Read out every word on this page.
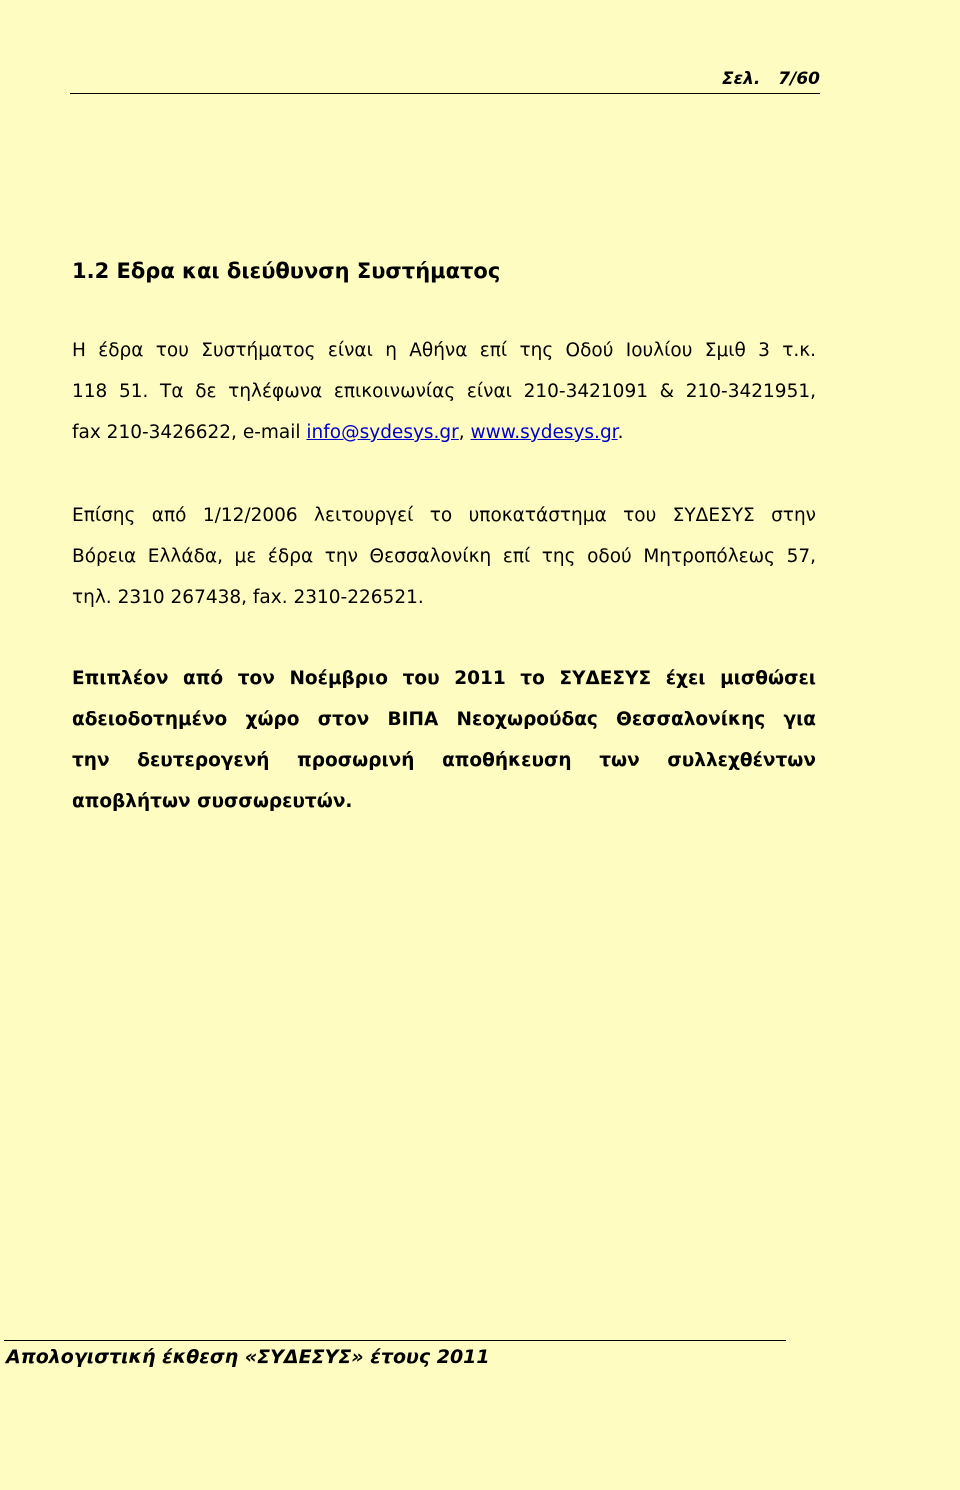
Σελ. 7/60
1.2 Εδρα και διεύθυνση Συστήματος
Η έδρα του Συστήματος είναι η Αθήνα επί της Οδού Ιουλίου Σμιθ 3 τ.κ.
118 51. Τα δε τηλέφωνα επικοινωνίας είναι 210-3421091 & 210-3421951,
fax 210-3426622, e-mail info@sydesys.gr, www.sydesys.gr.
Επίσης από 1/12/2006 λειτουργεί το υποκατάστημα του ΣΥΔΕΣΥΣ στην
Βόρεια Ελλάδα, με έδρα την Θεσσαλονίκη επί της οδού Μητροπόλεως 57,
τηλ. 2310 267438, fax. 2310-226521.
Επιπλέον από τον Νοέμβριο του 2011 το ΣΥΔΕΣΥΣ έχει μισθώσει
αδειοδοτημένο χώρο στον ΒΙΠΑ Νεοχωρούδας Θεσσαλονίκης για
την δευτερογενή προσωρινή αποθήκευση των συλλεχθέντων
αποβλήτων συσσωρευτών.
Απολογιστική έκθεση «ΣΥΔΕΣΥΣ» έτους 2011
